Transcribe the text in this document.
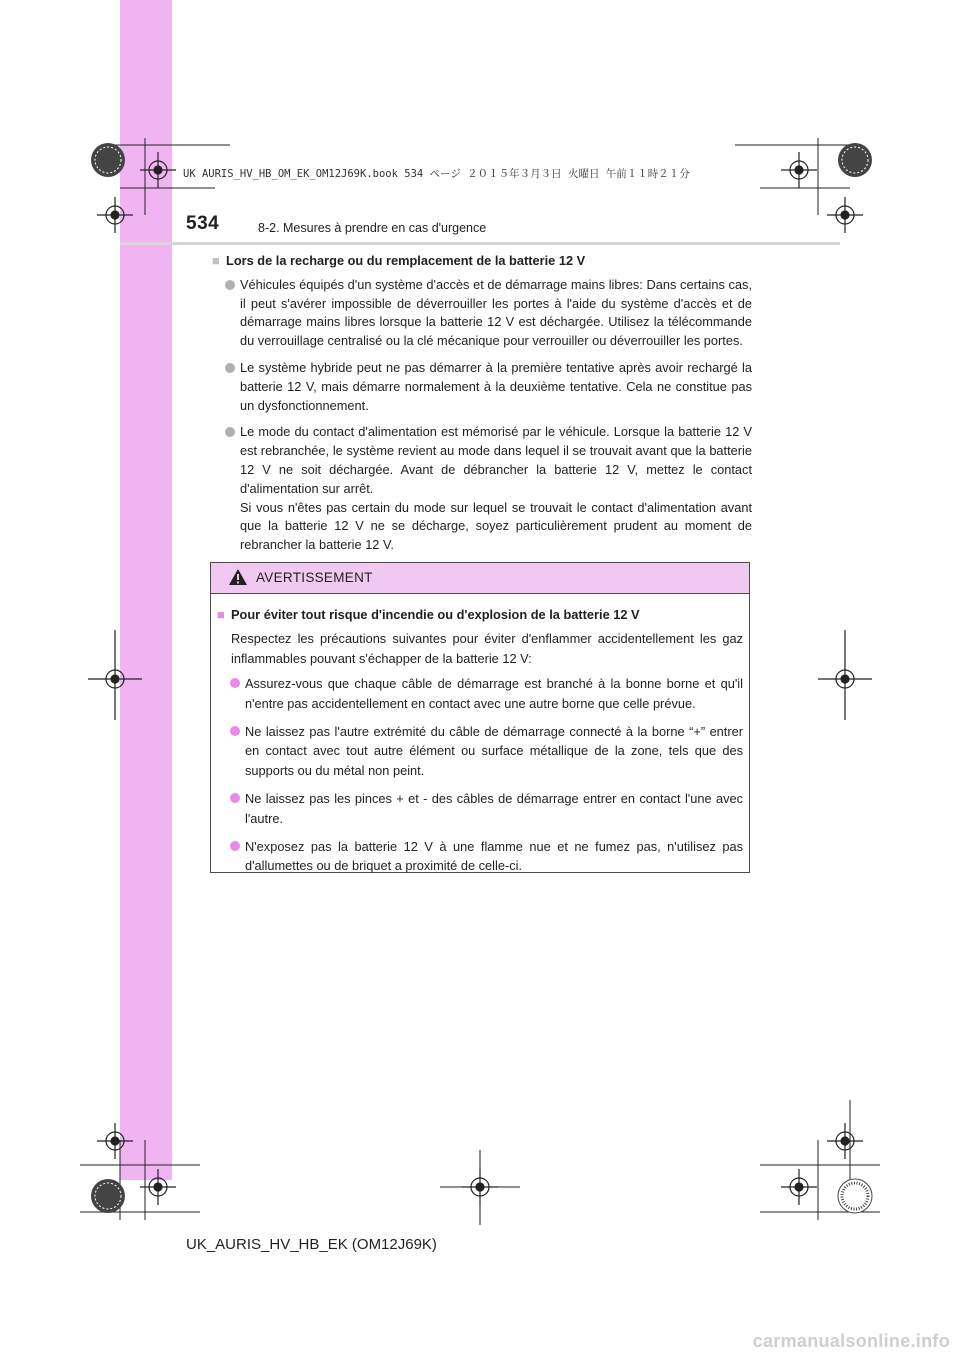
UK AURIS_HV_HB_OM_EK_OM12J69K.book 534 ページ ２０１５年３月３日 火曜日 午前１１時２１分
534	8-2. Mesures à prendre en cas d'urgence
■ Lors de la recharge ou du remplacement de la batterie 12 V

Véhicules équipés d'un système d'accès et de démarrage mains libres: Dans certains cas, il peut s'avérer impossible de déverrouiller les portes à l'aide du système d'accès et de démarrage mains libres lorsque la batterie 12 V est déchargée. Utilisez la télécommande du verrouillage centralisé ou la clé mécanique pour verrouiller ou déverrouiller les portes.

Le système hybride peut ne pas démarrer à la première tentative après avoir rechargé la batterie 12 V, mais démarre normalement à la deuxième tentative. Cela ne constitue pas un dysfonctionnement.

Le mode du contact d'alimentation est mémorisé par le véhicule. Lorsque la batterie 12 V est rebranchée, le système revient au mode dans lequel il se trouvait avant que la batterie 12 V ne soit déchargée. Avant de débrancher la batterie 12 V, mettez le contact d'alimentation sur arrêt.

Si vous n'êtes pas certain du mode sur lequel se trouvait le contact d'alimentation avant que la batterie 12 V ne se décharge, soyez particulièrement prudent au moment de rebrancher la batterie 12 V.

AVERTISSEMENT
■ Pour éviter tout risque d'incendie ou d'explosion de la batterie 12 V

Respectez les précautions suivantes pour éviter d'enflammer accidentellement les gaz inflammables pouvant s'échapper de la batterie 12 V:

Assurez-vous que chaque câble de démarrage est branché à la bonne borne et qu'il n'entre pas accidentellement en contact avec une autre borne que celle prévue.

Ne laissez pas l'autre extrémité du câble de démarrage connecté à la borne “+” entrer en contact avec tout autre élément ou surface métallique de la zone, tels que des supports ou du métal non peint.

Ne laissez pas les pinces + et - des câbles de démarrage entrer en contact l'une avec l'autre.

N'exposez pas la batterie 12 V à une flamme nue et ne fumez pas, n'utilisez pas d'allumettes ou de briquet a proximité de celle-ci.

UK_AURIS_HV_HB_EK (OM12J69K)
carmanualsonline.info
